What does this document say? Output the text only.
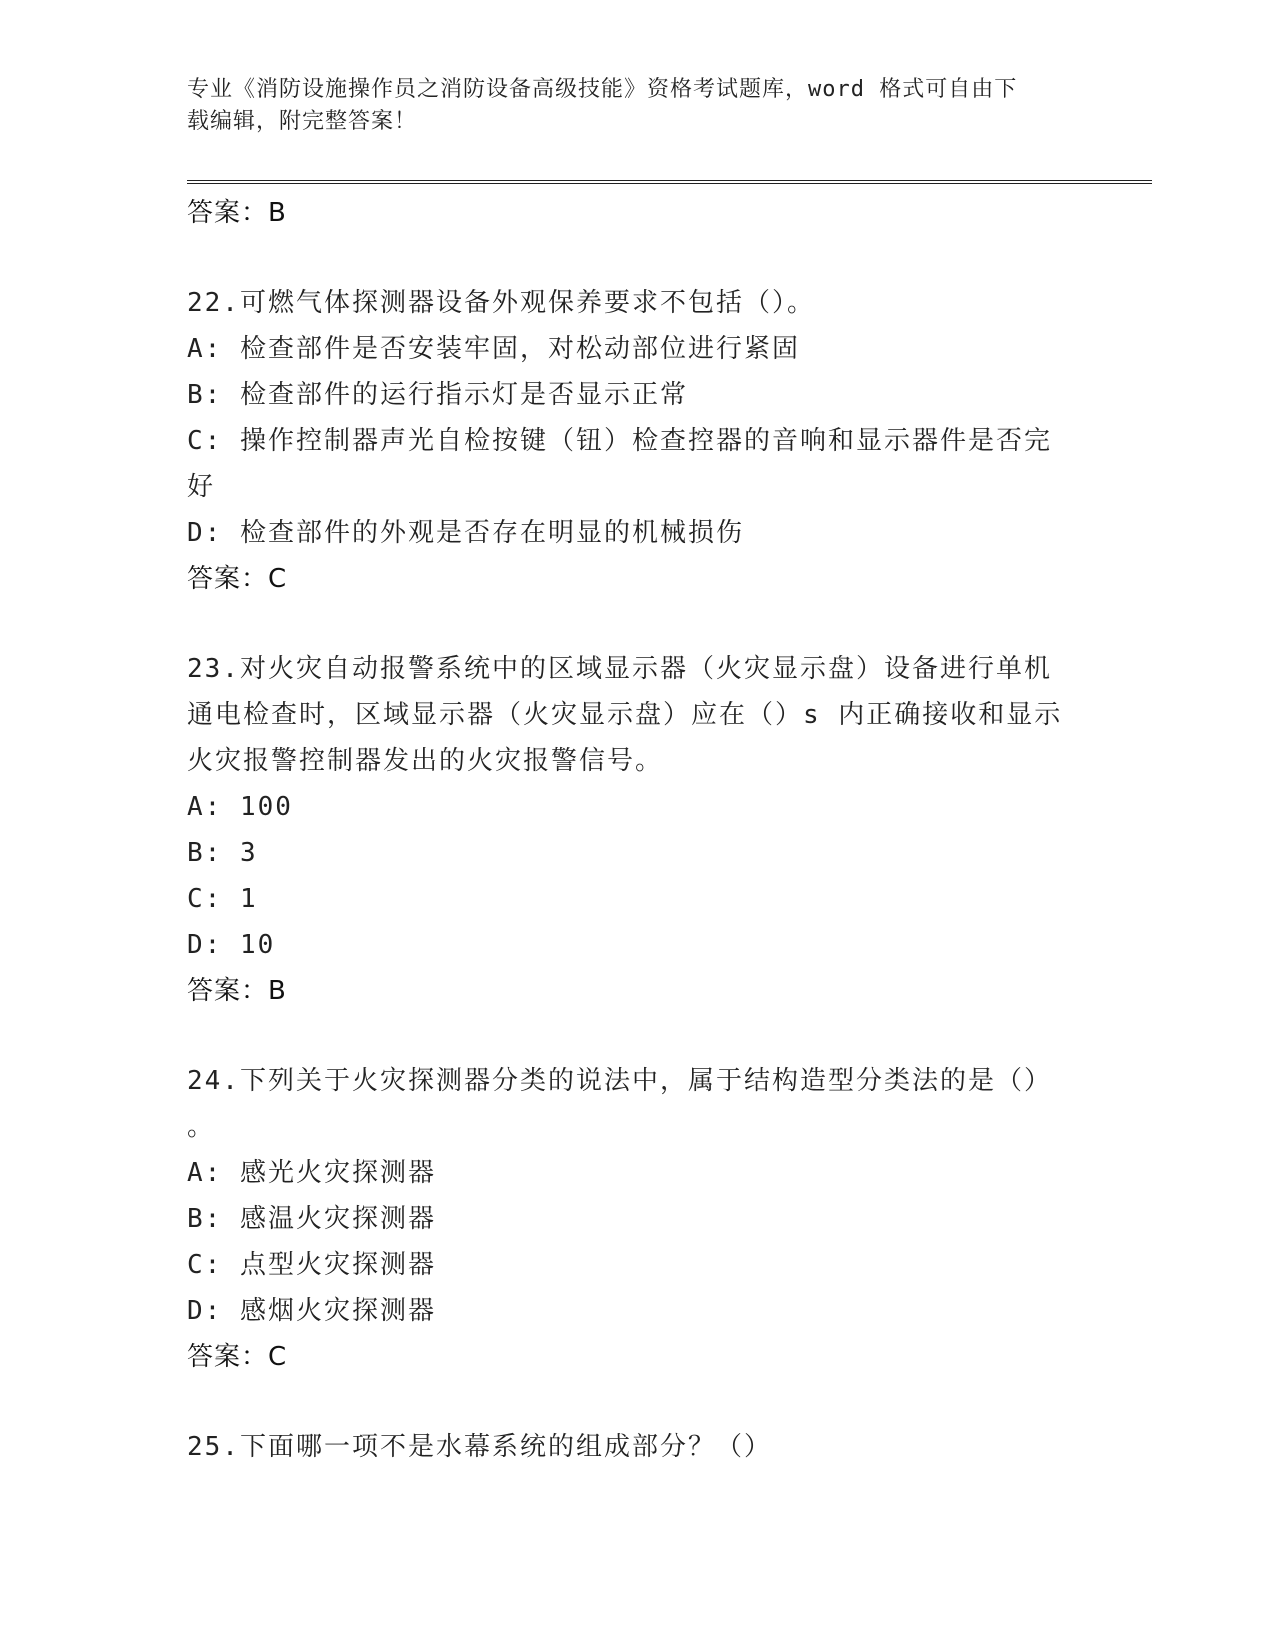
专业《消防设施操作员之消防设备高级技能》资格考试题库，word 格式可自由下
载编辑，附完整答案！
答案：B

22.可燃气体探测器设备外观保养要求不包括（）。

A: 检查部件是否安装牢固，对松动部位进行紧固

B: 检查部件的运行指示灯是否显示正常

C: 操作控制器声光自检按键（钮）检查控器的音响和显示器件是否完
好

D: 检查部件的外观是否存在明显的机械损伤

答案：C

23.对火灾自动报警系统中的区域显示器（火灾显示盘）设备进行单机
通电检查时，区域显示器（火灾显示盘）应在（）s 内正确接收和显示
火灾报警控制器发出的火灾报警信号。

A: 100

B: 3

C: 1

D: 10

答案：B

24.下列关于火灾探测器分类的说法中，属于结构造型分类法的是（）
。

A: 感光火灾探测器

B: 感温火灾探测器

C: 点型火灾探测器

D: 感烟火灾探测器

答案：C

25.下面哪一项不是水幕系统的组成部分？（）
